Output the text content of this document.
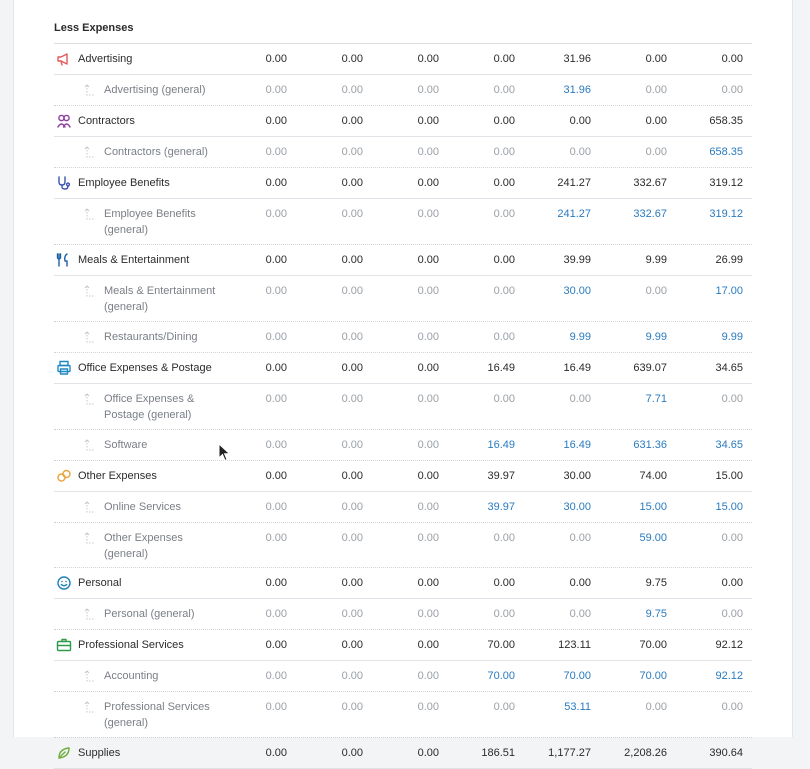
Less Expenses
Advertising	0.00	0.00	0.00	0.00	31.96	0.00	0.00
Advertising (general)	0.00	0.00	0.00	0.00	31.96	0.00	0.00
Contractors	0.00	0.00	0.00	0.00	0.00	0.00	658.35
Contractors (general)	0.00	0.00	0.00	0.00	0.00	0.00	658.35
Employee Benefits	0.00	0.00	0.00	0.00	241.27	332.67	319.12
Employee Benefits (general)
0.00	0.00	0.00	0.00	241.27	332.67	319.12
Meals & Entertainment	0.00	0.00	0.00	0.00	39.99	9.99	26.99
Meals & Entertainment (general)
0.00	0.00	0.00	0.00	30.00	0.00	17.00
Restaurants/Dining	0.00	0.00	0.00	0.00	9.99	9.99	9.99
Office Expenses & Postage	0.00	0.00	0.00	16.49	16.49	639.07	34.65
Office Expenses & Postage (general)
0.00	0.00	0.00	0.00	0.00	7.71	0.00
Software	0.00	0.00	0.00	16.49	16.49	631.36	34.65
Other Expenses	0.00	0.00	0.00	39.97	30.00	74.00	15.00
Online Services	0.00	0.00	0.00	39.97	30.00	15.00	15.00
Other Expenses (general)
0.00	0.00	0.00	0.00	0.00	59.00	0.00
Personal	0.00	0.00	0.00	0.00	0.00	9.75	0.00
Personal (general)	0.00	0.00	0.00	0.00	0.00	9.75	0.00
Professional Services	0.00	0.00	0.00	70.00	123.11	70.00	92.12
Accounting	0.00	0.00	0.00	70.00	70.00	70.00	92.12
Professional Services (general)
0.00	0.00	0.00	0.00	53.11	0.00	0.00
Supplies	0.00	0.00	0.00	186.51	1,177.27	2,208.26	390.64
